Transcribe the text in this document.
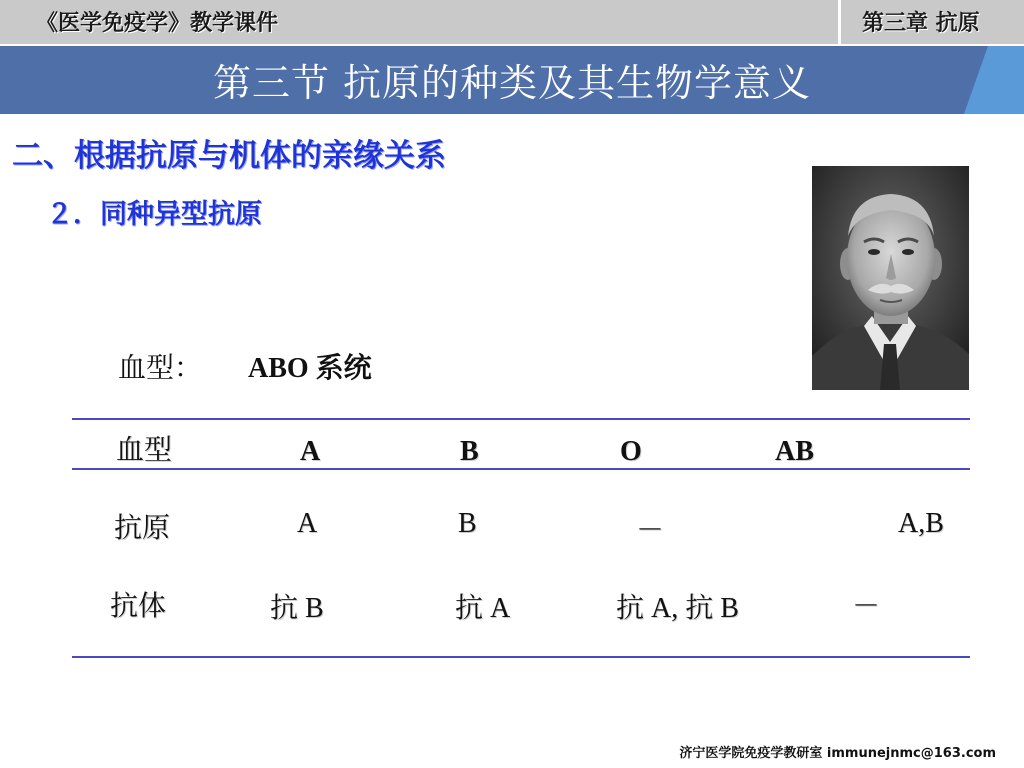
《医学免疫学》教学课件	第三章 抗原
第三节 抗原的种类及其生物学意义
二、根据抗原与机体的亲缘关系
２．同种异型抗原
血型： ABO 系统
血型	A	B	O	AB
抗原	A	B	－	A,B
抗体	抗 B	抗 A	抗 A, 抗 B	－
济宁医学院免疫学教研室 immunejnmc@163.com
